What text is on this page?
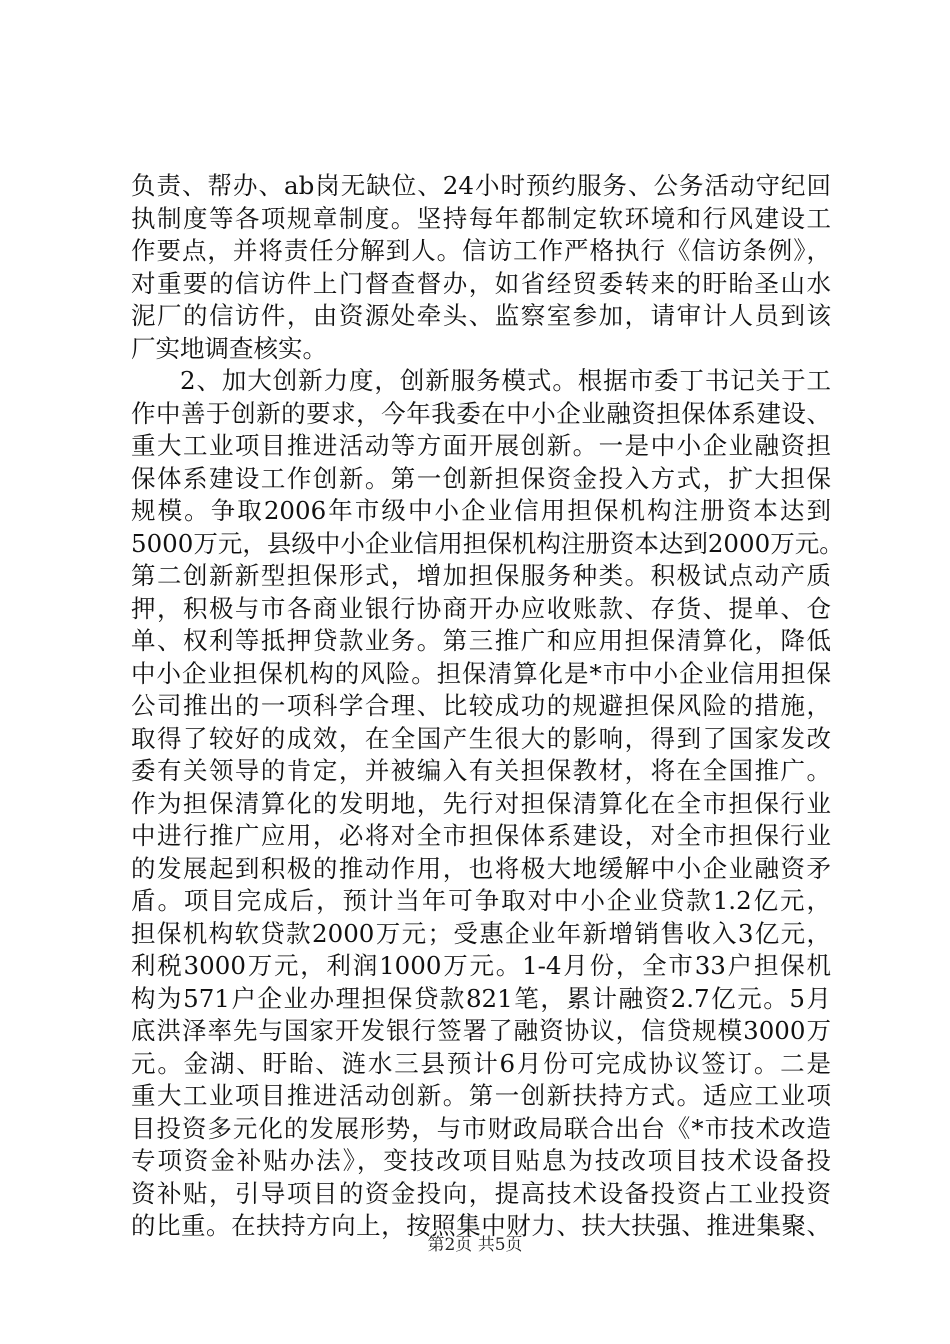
负责、帮办、ab岗无缺位、24小时预约服务、公务活动守纪回
执制度等各项规章制度。坚持每年都制定软环境和行风建设工
作要点，并将责任分解到人。信访工作严格执行《信访条例》，
对重要的信访件上门督查督办，如省经贸委转来的盱眙圣山水
泥厂的信访件，由资源处牵头、监察室参加，请审计人员到该
厂实地调查核实。
2、加大创新力度，创新服务模式。根据市委丁书记关于工
作中善于创新的要求，今年我委在中小企业融资担保体系建设、
重大工业项目推进活动等方面开展创新。一是中小企业融资担
保体系建设工作创新。第一创新担保资金投入方式，扩大担保
规模。争取2006年市级中小企业信用担保机构注册资本达到
5000万元，县级中小企业信用担保机构注册资本达到2000万元。
第二创新新型担保形式，增加担保服务种类。积极试点动产质
押，积极与市各商业银行协商开办应收账款、存货、提单、仓
单、权利等抵押贷款业务。第三推广和应用担保清算化，降低
中小企业担保机构的风险。担保清算化是*市中小企业信用担保
公司推出的一项科学合理、比较成功的规避担保风险的措施，
取得了较好的成效，在全国产生很大的影响，得到了国家发改
委有关领导的肯定，并被编入有关担保教材，将在全国推广。
作为担保清算化的发明地，先行对担保清算化在全市担保行业
中进行推广应用，必将对全市担保体系建设，对全市担保行业
的发展起到积极的推动作用，也将极大地缓解中小企业融资矛
盾。项目完成后，预计当年可争取对中小企业贷款1.2亿元，
担保机构软贷款2000万元；受惠企业年新增销售收入3亿元，
利税3000万元，利润1000万元。1-4月份，全市33户担保机
构为571户企业办理担保贷款821笔，累计融资2.7亿元。5月
底洪泽率先与国家开发银行签署了融资协议，信贷规模3000万
元。金湖、盱眙、涟水三县预计6月份可完成协议签订。二是
重大工业项目推进活动创新。第一创新扶持方式。适应工业项
目投资多元化的发展形势，与市财政局联合出台《*市技术改造
专项资金补贴办法》，变技改项目贴息为技改项目技术设备投
资补贴，引导项目的资金投向，提高技术设备投资占工业投资
的比重。在扶持方向上，按照集中财力、扶大扶强、推进集聚、
第2页 共5页
